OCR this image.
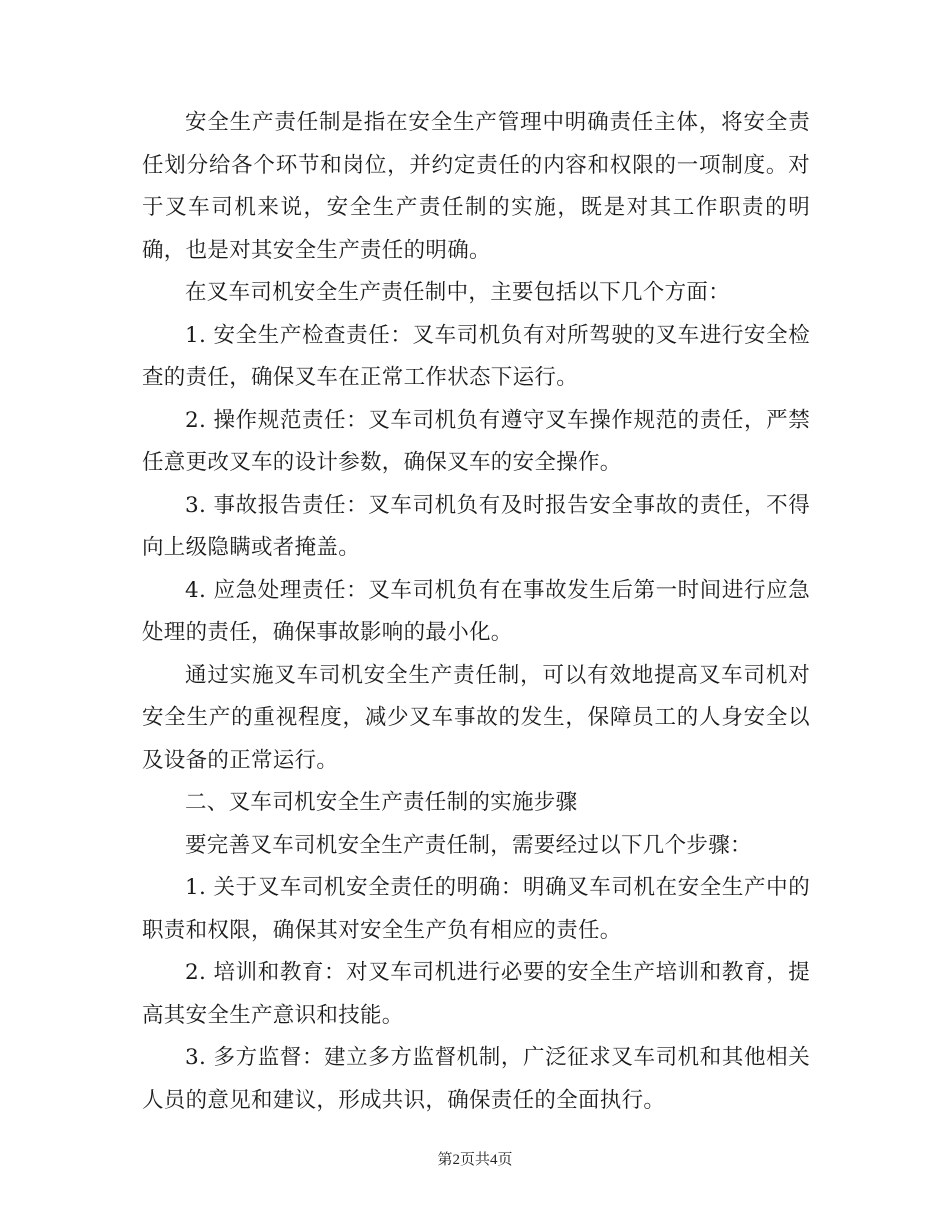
安全生产责任制是指在安全生产管理中明确责任主体，将安全责任划分给各个环节和岗位，并约定责任的内容和权限的一项制度。对于叉车司机来说，安全生产责任制的实施，既是对其工作职责的明确，也是对其安全生产责任的明确。

在叉车司机安全生产责任制中，主要包括以下几个方面：

1. 安全生产检查责任：叉车司机负有对所驾驶的叉车进行安全检查的责任，确保叉车在正常工作状态下运行。

2. 操作规范责任：叉车司机负有遵守叉车操作规范的责任，严禁任意更改叉车的设计参数，确保叉车的安全操作。

3. 事故报告责任：叉车司机负有及时报告安全事故的责任，不得向上级隐瞒或者掩盖。

4. 应急处理责任：叉车司机负有在事故发生后第一时间进行应急处理的责任，确保事故影响的最小化。

通过实施叉车司机安全生产责任制，可以有效地提高叉车司机对安全生产的重视程度，减少叉车事故的发生，保障员工的人身安全以及设备的正常运行。

二、叉车司机安全生产责任制的实施步骤

要完善叉车司机安全生产责任制，需要经过以下几个步骤：

1. 关于叉车司机安全责任的明确：明确叉车司机在安全生产中的职责和权限，确保其对安全生产负有相应的责任。

2. 培训和教育：对叉车司机进行必要的安全生产培训和教育，提高其安全生产意识和技能。

3. 多方监督：建立多方监督机制，广泛征求叉车司机和其他相关人员的意见和建议，形成共识，确保责任的全面执行。

第2页共4页
